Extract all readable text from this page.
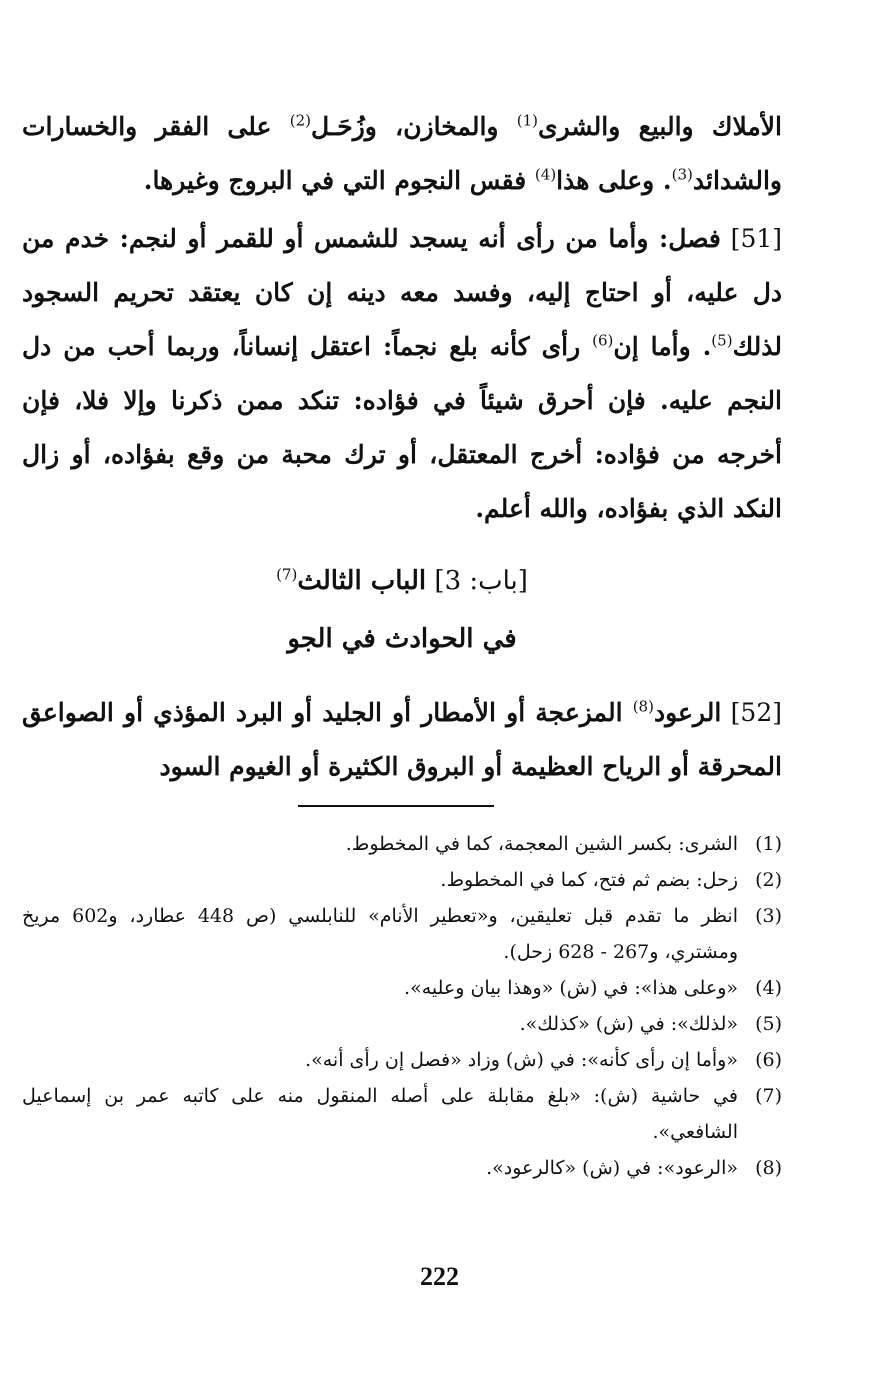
الأملاك والبيع والشرى$^{(1)}$ والمخازن، وزُحَـل$^{(2)}$ على الفقر والخسارات والشدائد$^{(3)}$. وعلى هذا$^{(4)}$ فقس النجوم التي في البروج وغيرها.

[51] فصل: وأما من رأى أنه يسجد للشمس أو للقمر أو لنجم: خدم من دل عليه، أو احتاج إليه، وفسد معه دينه إن كان يعتقد تحريم السجود لذلك$^{(5)}$. وأما إن$^{(6)}$ رأى كأنه بلع نجماً: اعتقل إنساناً، وربما أحب من دل النجم عليه. فإن أحرق شيئاً في فؤاده: تنكد ممن ذكرنا وإلا فلا، فإن أخرجه من فؤاده: أخرج المعتقل، أو ترك محبة من وقع بفؤاده، أو زال النكد الذي بفؤاده، والله أعلم.

[باب: 3] الباب الثالث$^{(7)}$

في الحوادث في الجو

[52] الرعود$^{(8)}$ المزعجة أو الأمطار أو الجليد أو البرد المؤذي أو الصواعق المحرقة أو الرياح العظيمة أو البروق الكثيرة أو الغيوم السود

(1)
الشرى: بكسر الشين المعجمة، كما في المخطوط.
(2)
زحل: بضم ثم فتح، كما في المخطوط.
(3)
انظر ما تقدم قبل تعليقين، و«تعطير الأنام» للنابلسي (ص 448 عطارد، و602 مريخ ومشتري، و267 - 628 زحل).
(4)
«وعلى هذا»: في (ش) «وهذا بيان وعليه».
(5)
«لذلك»: في (ش) «كذلك».
(6)
«وأما إن رأى كأنه»: في (ش) وزاد «فصل إن رأى أنه».
(7)
في حاشية (ش): «بلغ مقابلة على أصله المنقول منه على كاتبه عمر بن إسماعيل الشافعي».
(8)
«الرعود»: في (ش) «كالرعود».
222
